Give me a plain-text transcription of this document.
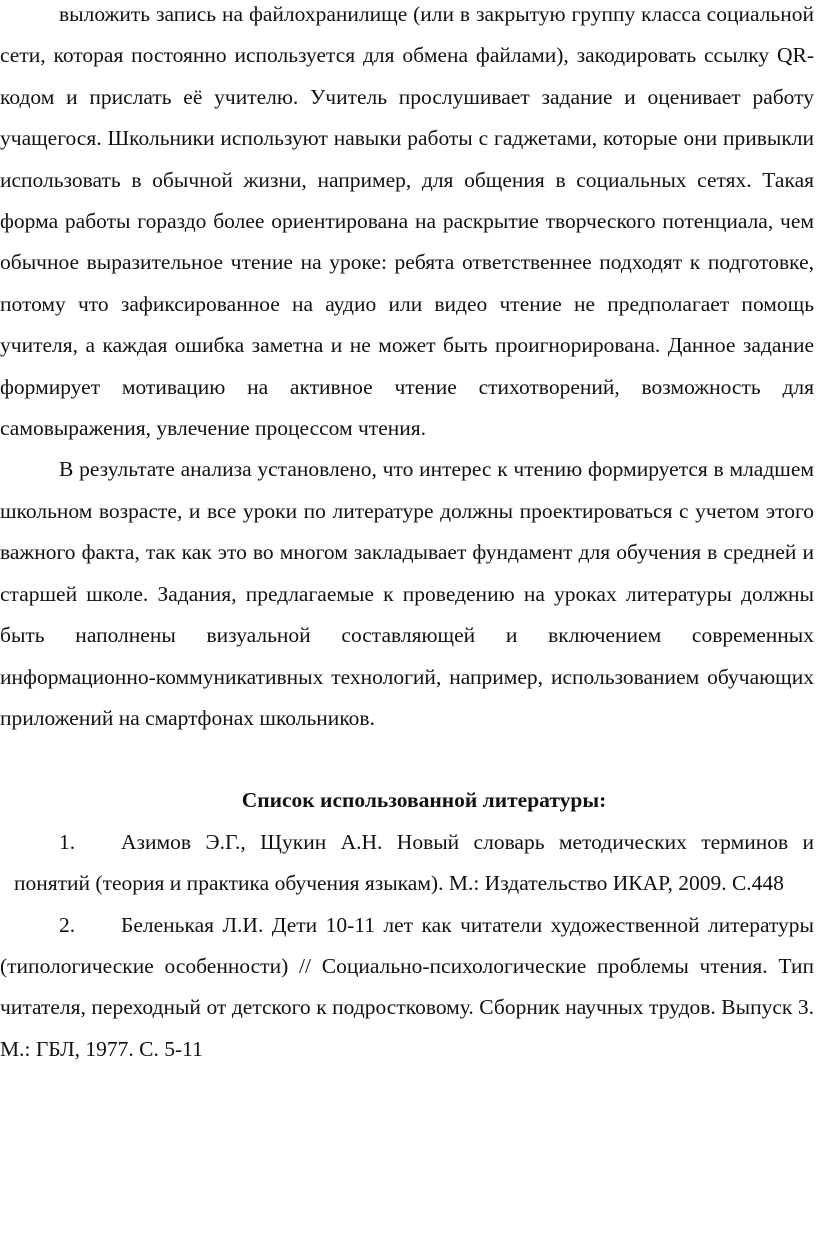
выложить запись на файлохранилище (или в закрытую группу класса социальной сети, которая постоянно используется для обмена файлами), закодировать ссылку QR-кодом и прислать её учителю. Учитель прослушивает задание и оценивает работу учащегося. Школьники используют навыки работы с гаджетами, которые они привыкли использовать в обычной жизни, например, для общения в социальных сетях. Такая форма работы гораздо более ориентирована на раскрытие творческого потенциала, чем обычное выразительное чтение на уроке: ребята ответственнее подходят к подготовке, потому что зафиксированное на аудио или видео чтение не предполагает помощь учителя, а каждая ошибка заметна и не может быть проигнорирована. Данное задание формирует мотивацию на активное чтение стихотворений, возможность для самовыражения, увлечение процессом чтения.

В результате анализа установлено, что интерес к чтению формируется в младшем школьном возрасте, и все уроки по литературе должны проектироваться с учетом этого важного факта, так как это во многом закладывает фундамент для обучения в средней и старшей школе. Задания, предлагаемые к проведению на уроках литературы должны быть наполнены визуальной составляющей и включением современных информационно-коммуникативных технологий, например, использованием обучающих приложений на смартфонах школьников.

Список использованной литературы:

1. Азимов Э.Г., Щукин А.Н. Новый словарь методических терминов и понятий (теория и практика обучения языкам). М.: Издательство ИКАР, 2009. С.448

2. Беленькая Л.И. Дети 10-11 лет как читатели художественной литературы (типологические особенности) // Социально-психологические проблемы чтения. Тип читателя, переходный от детского к подростковому. Сборник научных трудов. Выпуск 3. М.: ГБЛ, 1977. С. 5-11
